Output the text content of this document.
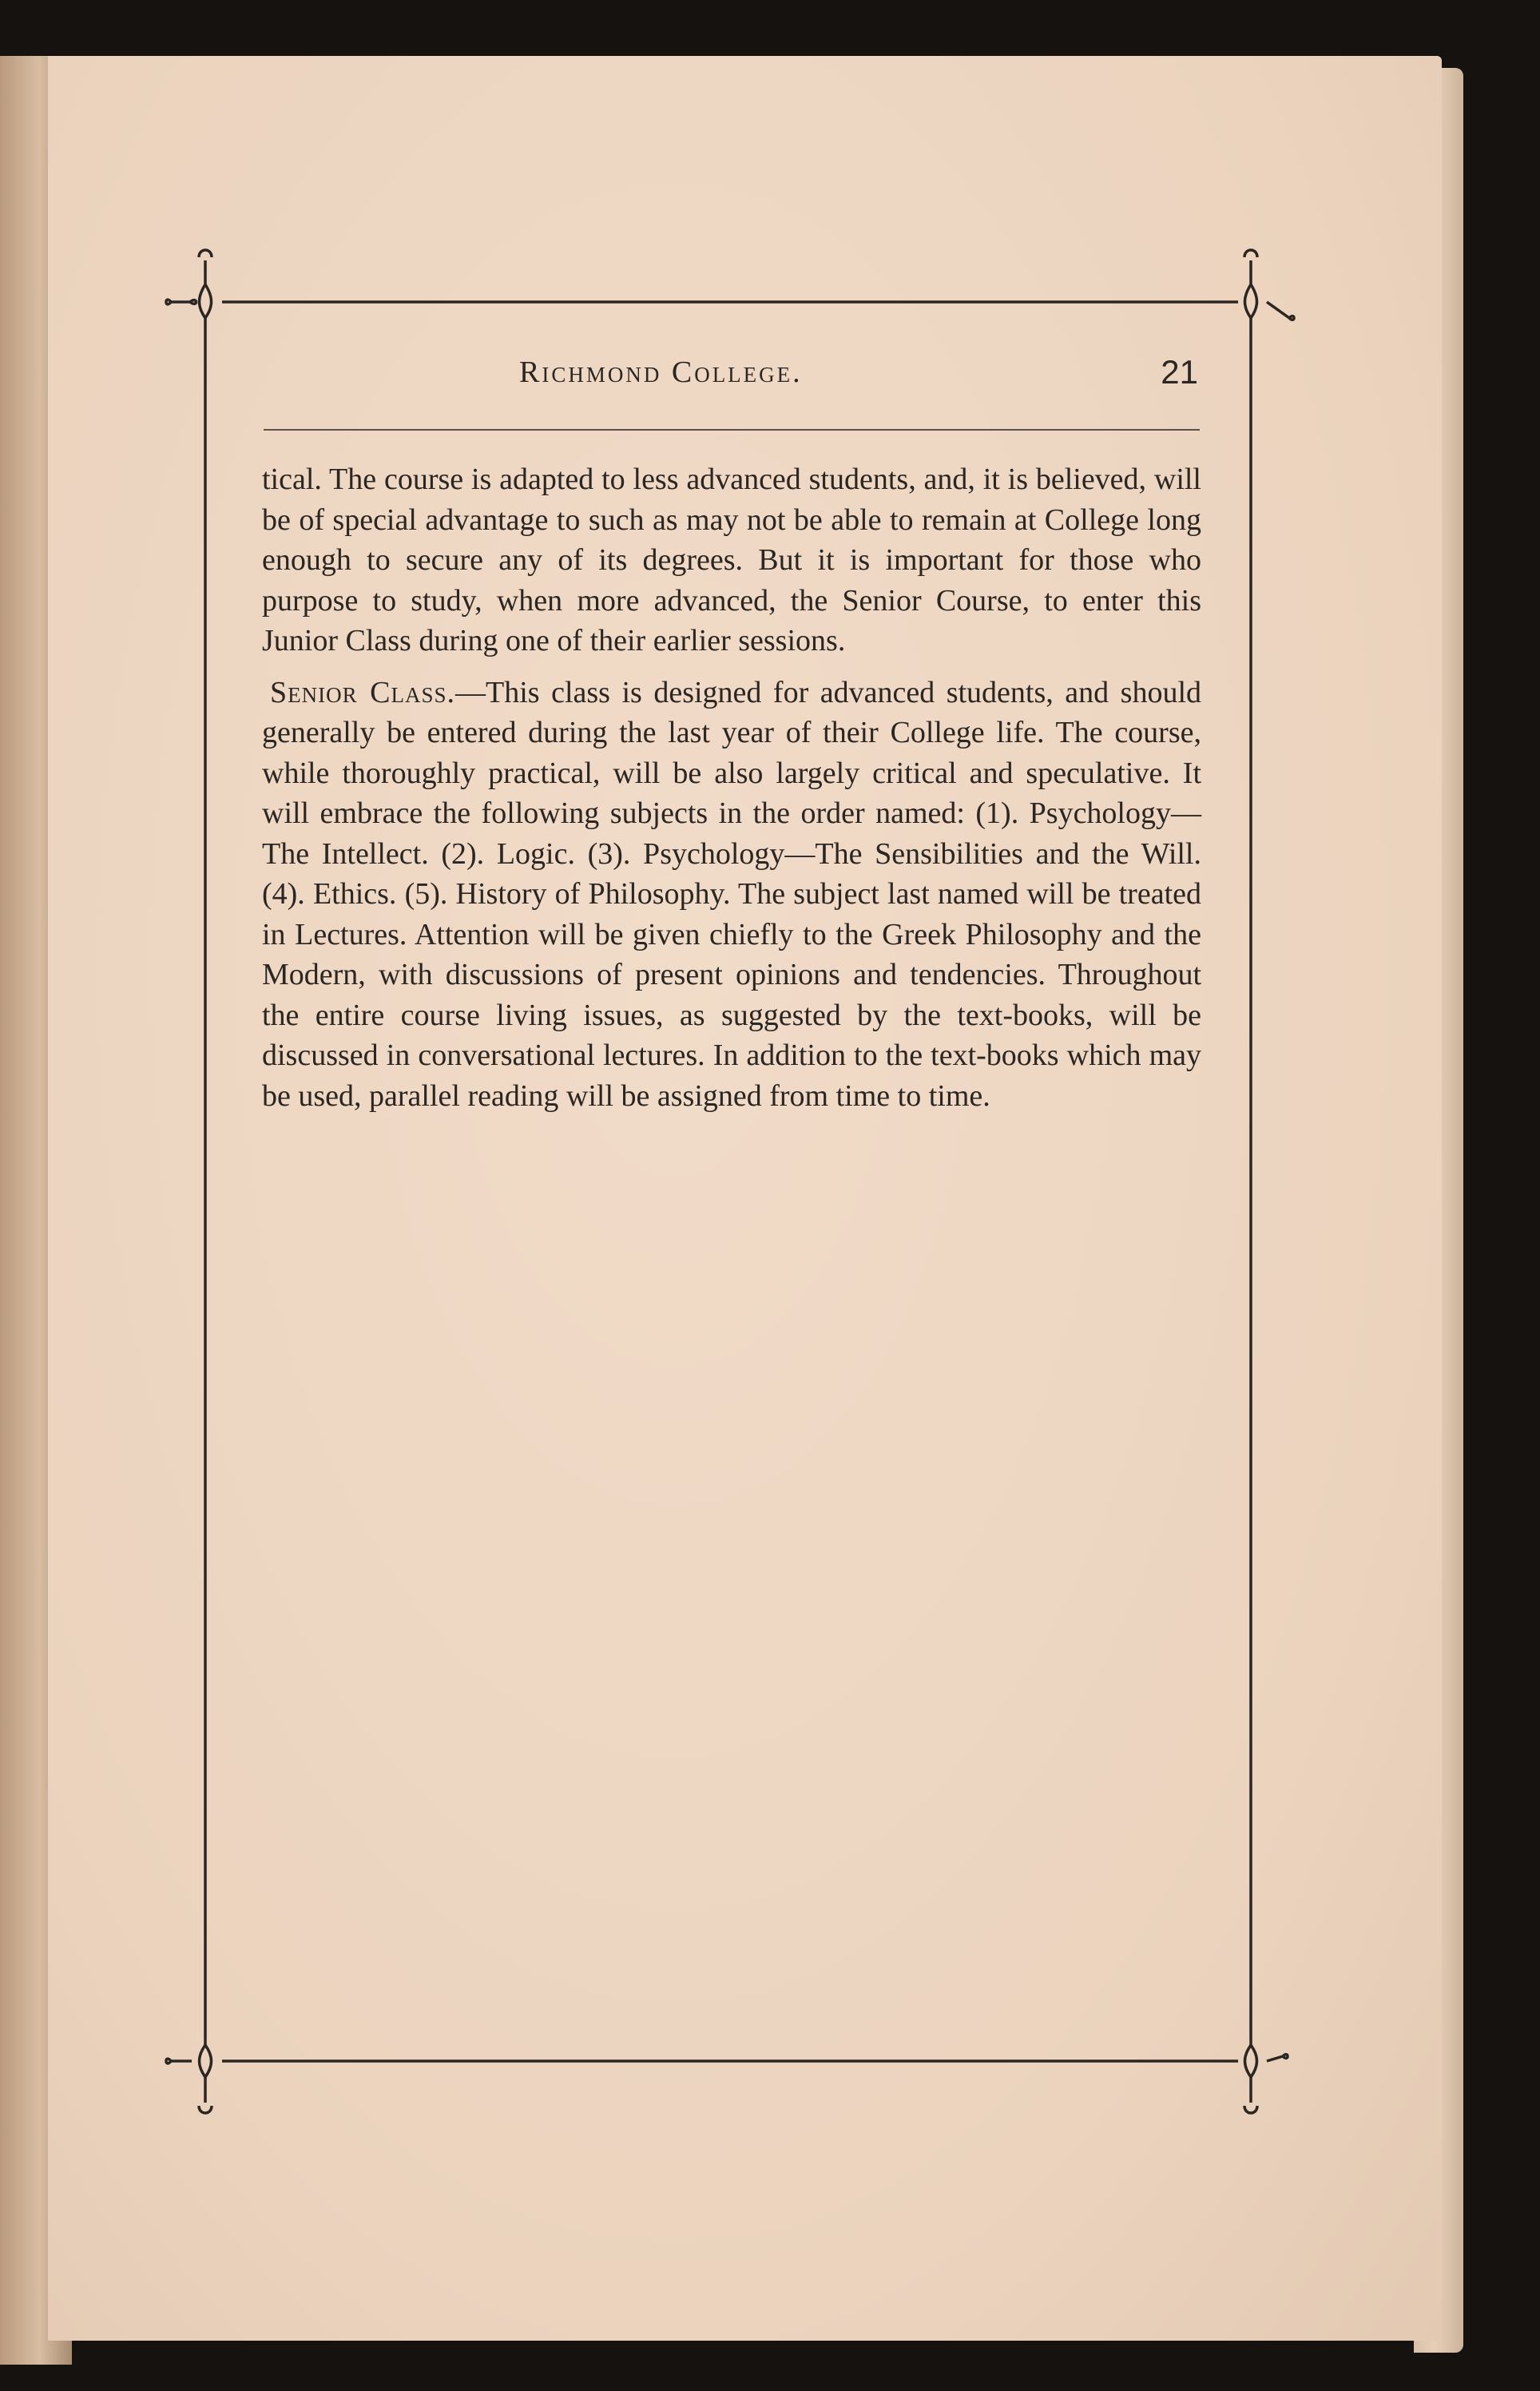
Richmond College.	21

tical. The course is adapted to less advanced students, and, it is believed, will be of special advantage to such as may not be able to remain at College long enough to secure any of its degrees. But it is important for those who purpose to study, when more advanced, the Senior Course, to enter this Junior Class during one of their earlier sessions.

Senior Class.—This class is designed for advanced students, and should generally be entered during the last year of their College life. The course, while thoroughly practical, will be also largely critical and speculative. It will embrace the following subjects in the order named: (1). Psychology—The Intellect. (2). Logic. (3). Psychology—The Sensibilities and the Will. (4). Ethics. (5). History of Philosophy. The subject last named will be treated in Lectures. Attention will be given chiefly to the Greek Philosophy and the Modern, with discussions of present opinions and tendencies. Throughout the entire course living issues, as suggested by the text-books, will be discussed in conversational lectures. In addition to the text-books which may be used, parallel reading will be assigned from time to time.
